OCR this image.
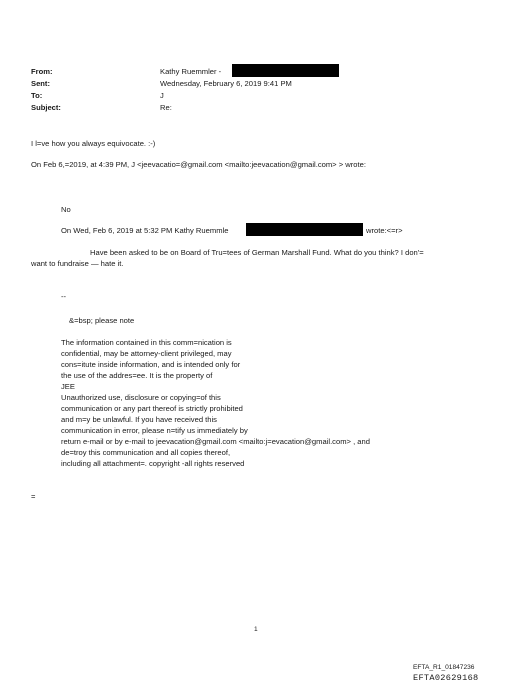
From:	Kathy Ruemmler -
Sent:	Wednesday, February 6, 2019 9:41 PM
To:	J
Subject:	Re:
I l=ve how you always equivocate. :-)
On Feb 6,=2019, at 4:39 PM, J <jeevacatio=@gmail.com <mailto:jeevacation@gmail.com> > wrote:
No
On Wed, Feb 6, 2019 at 5:32 PM Kathy Ruemmle	wrote:<=r>
Have been asked to be on Board of Tru=tees of German Marshall Fund. What do you think? I don'=
want to fundraise — hate it.
--
&=bsp; please note
The information contained in this comm=nication is
confidential, may be attorney-client privileged, may
cons=itute inside information, and is intended only for
the use of the addres=ee. It is the property of
JEE
Unauthorized use, disclosure or copying=of this
communication or any part thereof is strictly prohibited
and m=y be unlawful. If you have received this
communication in error, please n=tify us immediately by
return e-mail or by e-mail to jeevacation@gmail.com <mailto:j=evacation@gmail.com> , and
de=troy this communication and all copies thereof,
including all attachment=. copyright -all rights reserved
=
1
EFTA_R1_01847236
EFTA02629168
